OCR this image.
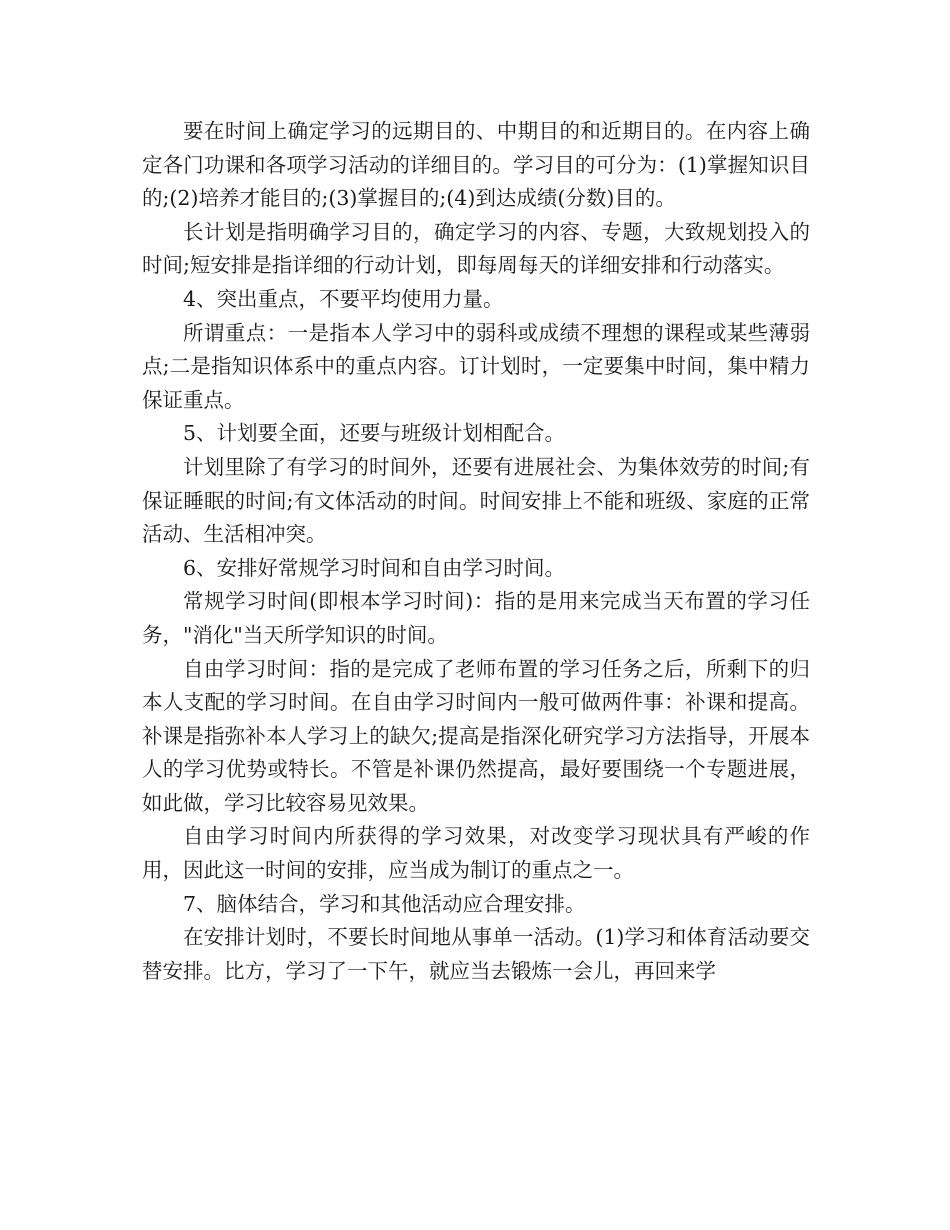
要在时间上确定学习的远期目的、中期目的和近期目的。在内容上确定各门功课和各项学习活动的详细目的。学习目的可分为：(1)掌握知识目的;(2)培养才能目的;(3)掌握目的;(4)到达成绩(分数)目的。

长计划是指明确学习目的，确定学习的内容、专题，大致规划投入的时间;短安排是指详细的行动计划，即每周每天的详细安排和行动落实。

4、突出重点，不要平均使用力量。

所谓重点：一是指本人学习中的弱科或成绩不理想的课程或某些薄弱点;二是指知识体系中的重点内容。订计划时，一定要集中时间，集中精力保证重点。

5、计划要全面，还要与班级计划相配合。

计划里除了有学习的时间外，还要有进展社会、为集体效劳的时间;有保证睡眠的时间;有文体活动的时间。时间安排上不能和班级、家庭的正常活动、生活相冲突。

6、安排好常规学习时间和自由学习时间。

常规学习时间(即根本学习时间)：指的是用来完成当天布置的学习任务，"消化"当天所学知识的时间。

自由学习时间：指的是完成了老师布置的学习任务之后，所剩下的归本人支配的学习时间。在自由学习时间内一般可做两件事：补课和提高。补课是指弥补本人学习上的缺欠;提高是指深化研究学习方法指导，开展本人的学习优势或特长。不管是补课仍然提高，最好要围绕一个专题进展，如此做，学习比较容易见效果。

自由学习时间内所获得的学习效果，对改变学习现状具有严峻的作用，因此这一时间的安排，应当成为制订的重点之一。

7、脑体结合，学习和其他活动应合理安排。

在安排计划时，不要长时间地从事单一活动。(1)学习和体育活动要交替安排。比方，学习了一下午，就应当去锻炼一会儿，再回来学
